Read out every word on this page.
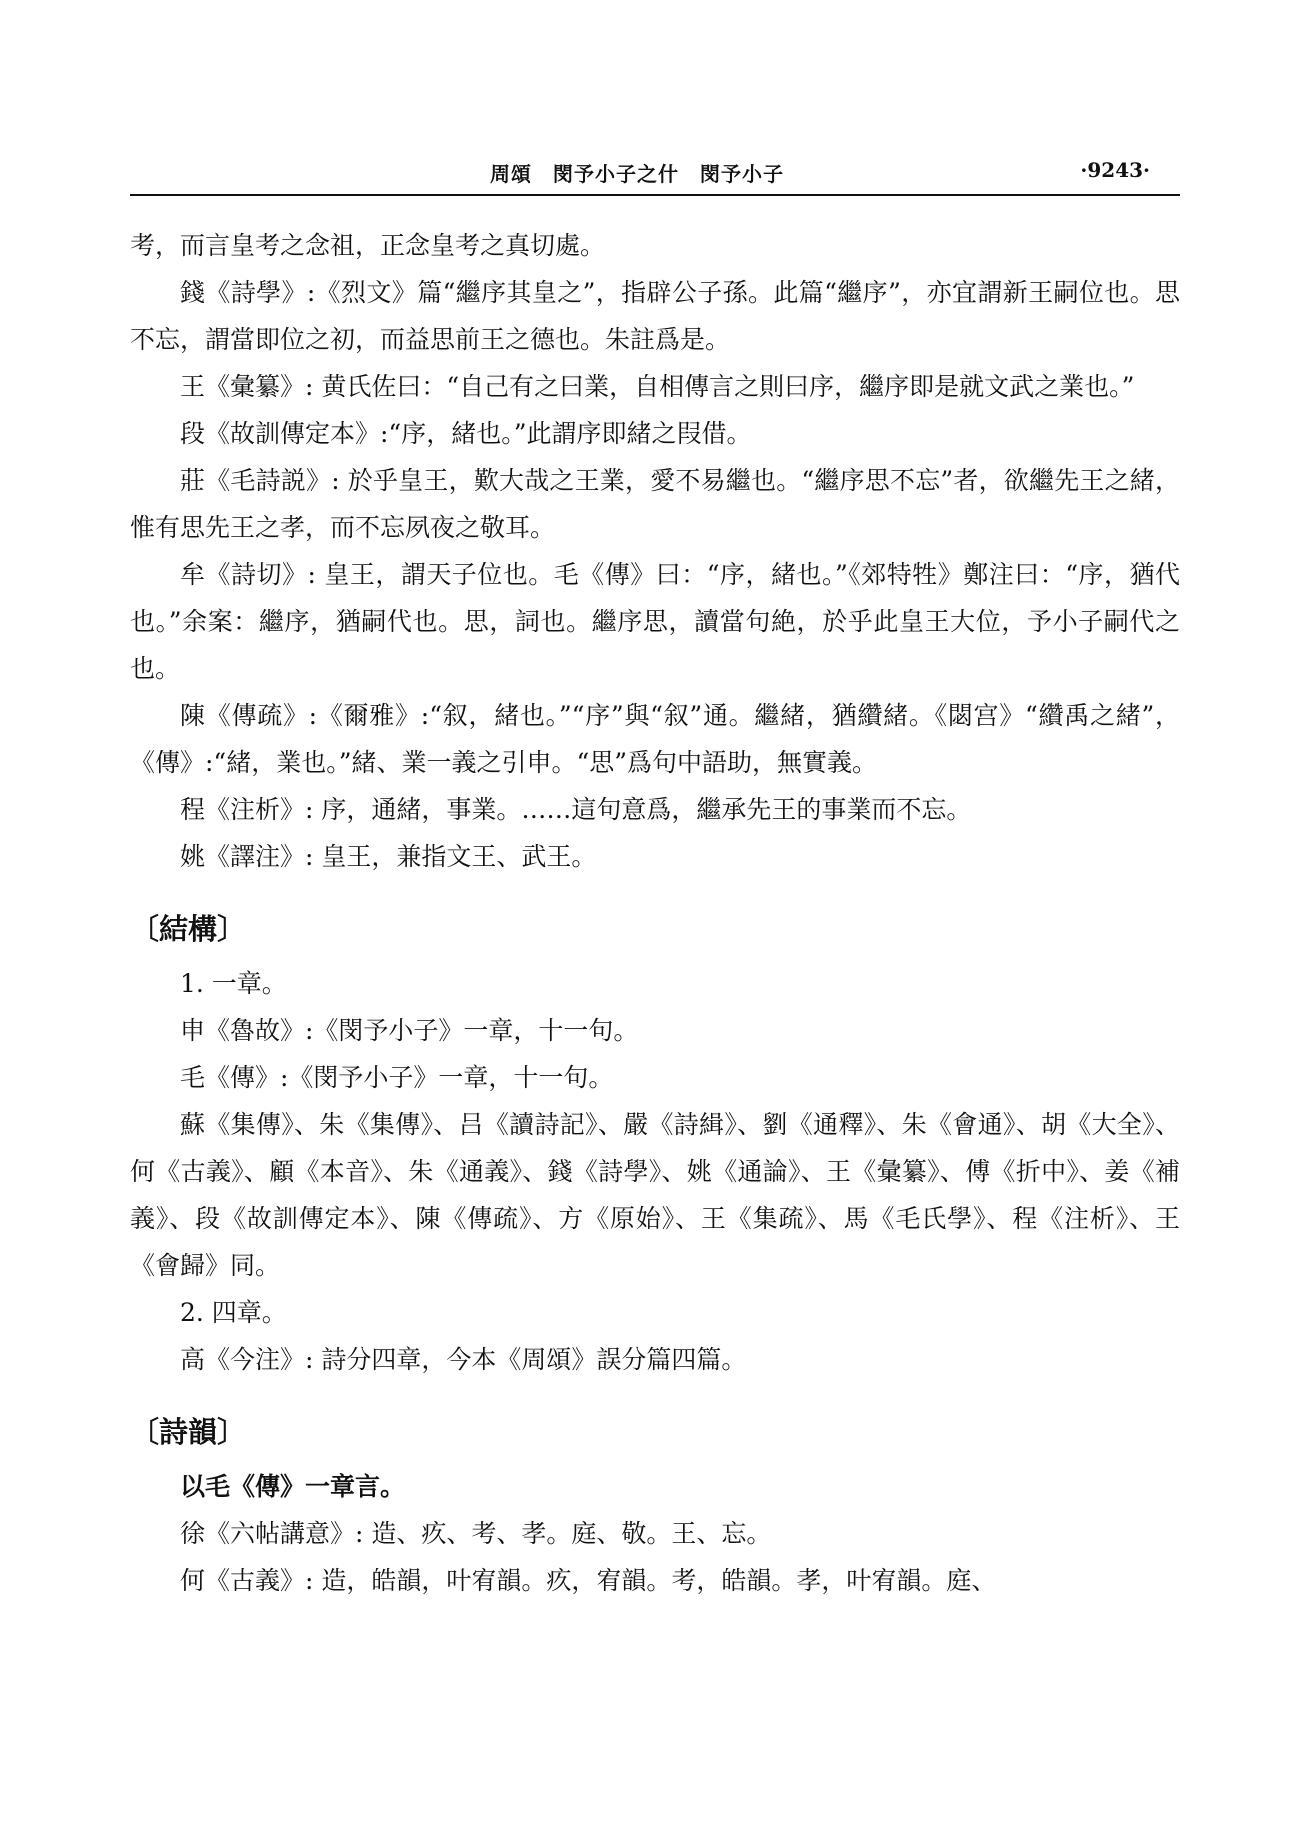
周頌　閔予小子之什　閔予小子	·9243·
考，而言皇考之念祖，正念皇考之真切處。
錢《詩學》:《烈文》篇“繼序其皇之”，指辟公子孫。此篇“繼序”，亦宜謂新王嗣位也。思不忘，謂當即位之初，而益思前王之德也。朱註爲是。
王《彙纂》: 黄氏佐曰：“自己有之曰業，自相傳言之則曰序，繼序即是就文武之業也。”
段《故訓傳定本》:“序，緒也。”此謂序即緒之叚借。
莊《毛詩説》: 於乎皇王，歎大哉之王業，愛不易繼也。“繼序思不忘”者，欲繼先王之緒，惟有思先王之孝，而不忘夙夜之敬耳。
牟《詩切》: 皇王，謂天子位也。毛《傳》曰：“序，緒也。”《郊特牲》鄭注曰：“序，猶代也。”余案：繼序，猶嗣代也。思，詞也。繼序思，讀當句絶，於乎此皇王大位，予小子嗣代之也。
陳《傳疏》:《爾雅》:“叙，緒也。”“序”與“叙”通。繼緒，猶纘緒。《閟宫》“纘禹之緒”，《傳》:“緒，業也。”緒、業一義之引申。“思”爲句中語助，無實義。
程《注析》: 序，通緒，事業。……這句意爲，繼承先王的事業而不忘。
姚《譯注》: 皇王，兼指文王、武王。
〔結構〕
1. 一章。
申《魯故》:《閔予小子》一章，十一句。
毛《傳》:《閔予小子》一章，十一句。
蘇《集傳》、朱《集傳》、吕《讀詩記》、嚴《詩緝》、劉《通釋》、朱《會通》、胡《大全》、何《古義》、顧《本音》、朱《通義》、錢《詩學》、姚《通論》、王《彙纂》、傅《折中》、姜《補義》、段《故訓傳定本》、陳《傳疏》、方《原始》、王《集疏》、馬《毛氏學》、程《注析》、王《會歸》同。
2. 四章。
高《今注》: 詩分四章，今本《周頌》誤分篇四篇。
〔詩韻〕
以毛《傳》一章言。
徐《六帖講意》: 造、疚、考、孝。庭、敬。王、忘。
何《古義》: 造，皓韻，叶宥韻。疚，宥韻。考，皓韻。孝，叶宥韻。庭、
